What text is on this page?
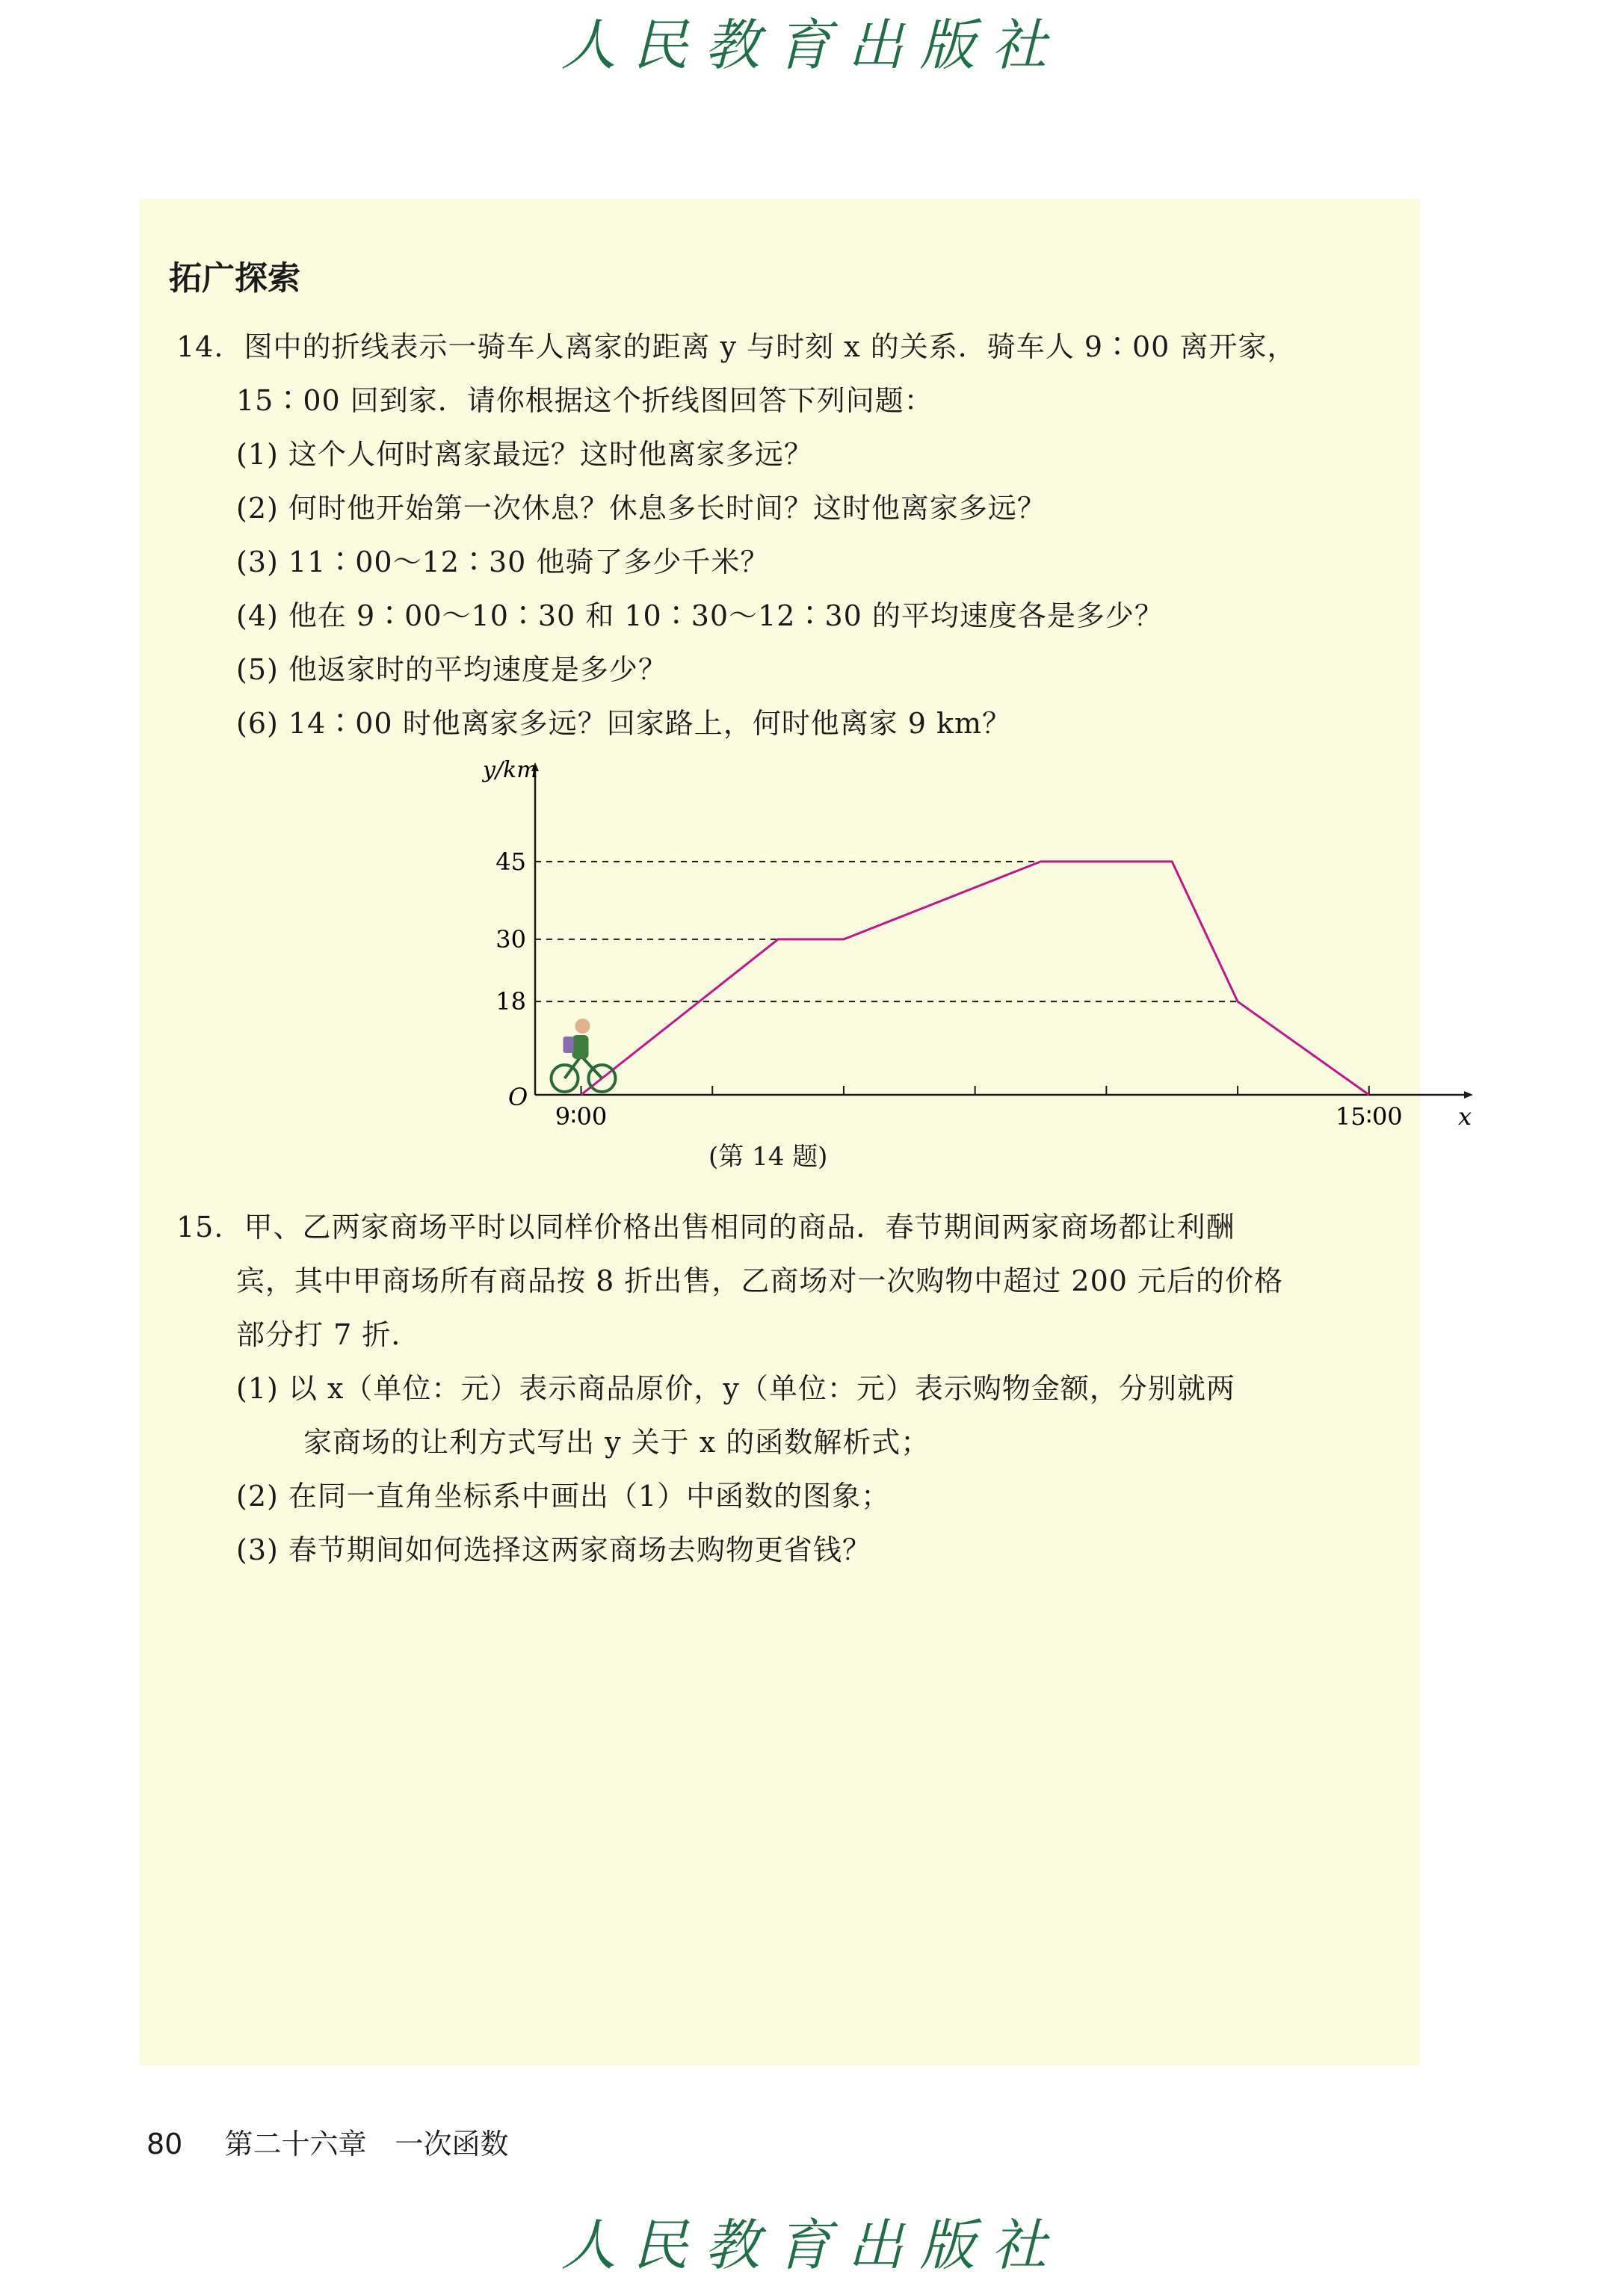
人民教育出版社
拓广探索
14. 图中的折线表示一骑车人离家的距离 y 与时刻 x 的关系．骑车人 9∶00 离开家，
15∶00 回到家．请你根据这个折线图回答下列问题：
(1) 这个人何时离家最远？这时他离家多远？
(2) 何时他开始第一次休息？休息多长时间？这时他离家多远？
(3) 11∶00～12∶30 他骑了多少千米？
(4) 他在 9∶00～10∶30 和 10∶30～12∶30 的平均速度各是多少？
(5) 他返家时的平均速度是多少？
(6) 14∶00 时他离家多远？回家路上，何时他离家 9 km？
y/km
x
O
18
30
45
9∶00	15∶00
(第 14 题)
15. 甲、乙两家商场平时以同样价格出售相同的商品．春节期间两家商场都让利酬
宾，其中甲商场所有商品按 8 折出售，乙商场对一次购物中超过 200 元后的价格
部分打 7 折．
(1) 以 x（单位：元）表示商品原价，y（单位：元）表示购物金额，分别就两
家商场的让利方式写出 y 关于 x 的函数解析式；
(2) 在同一直角坐标系中画出（1）中函数的图象；
(3) 春节期间如何选择这两家商场去购物更省钱？
80 第二十六章　一次函数
人民教育出版社
